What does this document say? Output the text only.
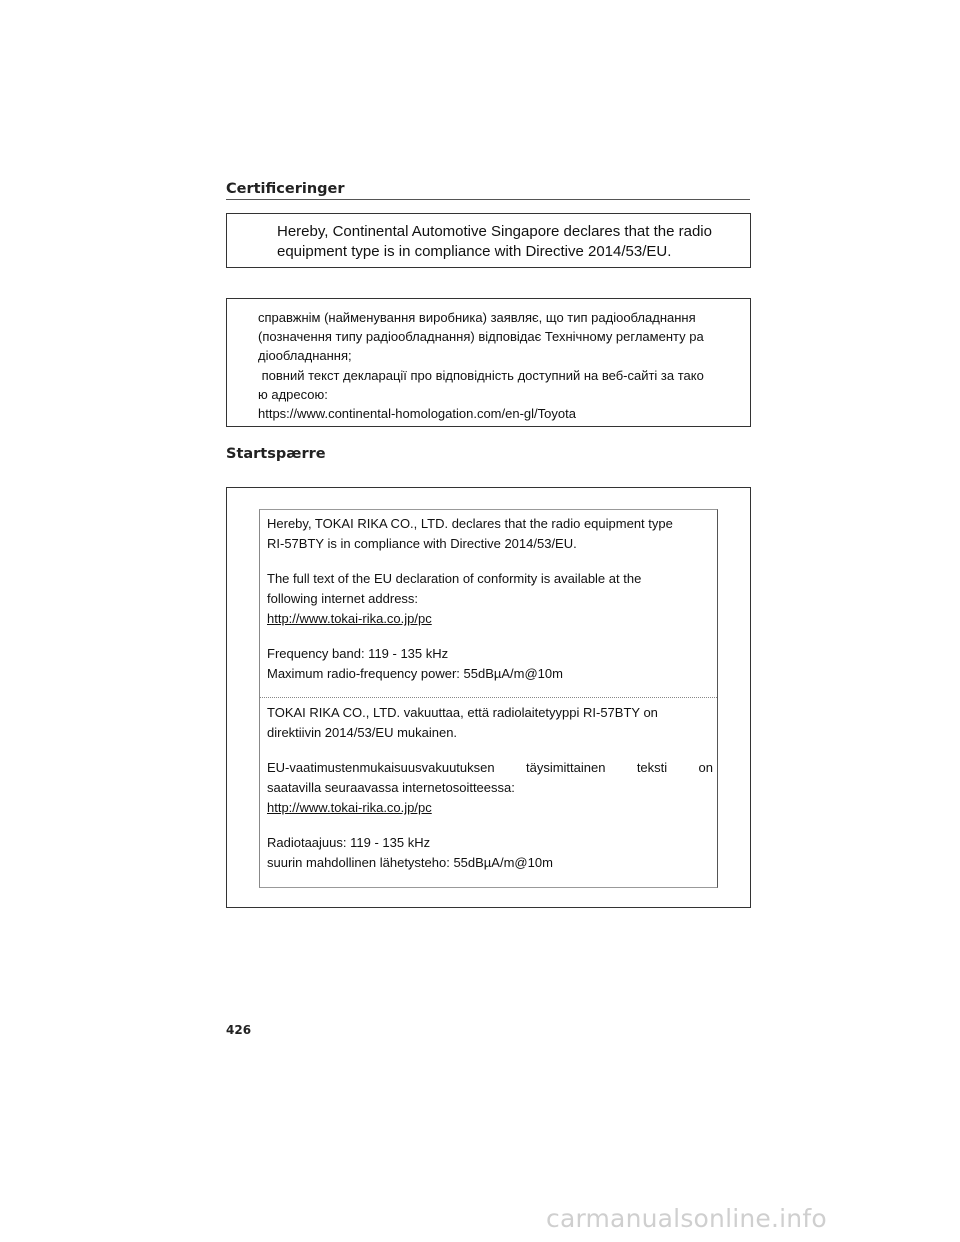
Certificeringer
Hereby, Continental Automotive Singapore declares that the radio
equipment type is in compliance with Directive 2014/53/EU.
справжнім (найменування виробника) заявляє, що тип радіообладнання
(позначення типу радіообладнання) відповідає Технічному регламенту ра
діообладнання;
повний текст декларації про відповідність доступний на веб-сайті за тако
ю адресою:
https://www.continental-homologation.com/en-gl/Toyota
Startspærre
Hereby, TOKAI RIKA CO., LTD. declares that the radio equipment type
RI-57BTY is in compliance with Directive 2014/53/EU.
The full text of the EU declaration of conformity is available at the
following internet address:
http://www.tokai-rika.co.jp/pc
Frequency band: 119 - 135 kHz
Maximum radio-frequency power: 55dBµA/m@10m
TOKAI RIKA CO., LTD. vakuuttaa, että radiolaitetyyppi RI-57BTY on
direktiivin 2014/53/EU mukainen.
EU-vaatimustenmukaisuusvakuutuksen täysimittainen teksti on
saatavilla seuraavassa internetosoitteessa:
http://www.tokai-rika.co.jp/pc
Radiotaajuus: 119 - 135 kHz
suurin mahdollinen lähetysteho: 55dBµA/m@10m
426
carmanualsonline.info
